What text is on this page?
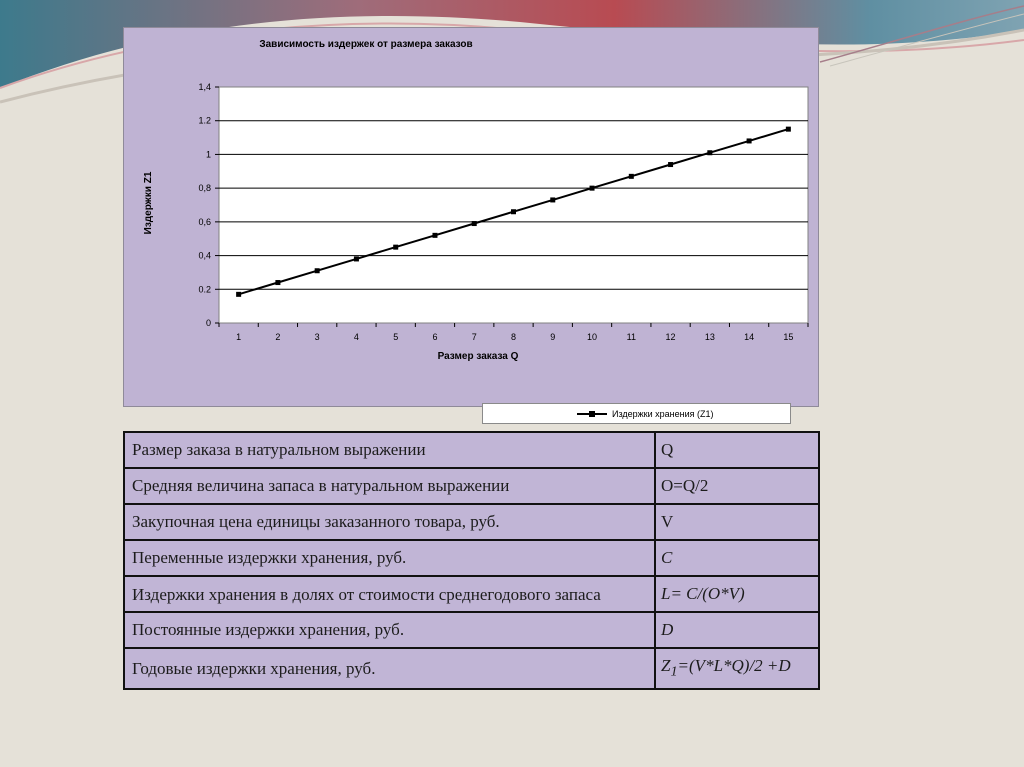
Зависимость издержек от размера заказов
0
0.2
0,4
0,6
0,8
1
1.2
1,4
1	2	3	4	5	6	7	8	9	10	11	12	13	14	15
Размер заказа Q
Издержки Z1
Издержки хранения (Z1)
Размер заказа в натуральном выражении	Q
Средняя величина запаса в натуральном выражении	O=Q/2
Закупочная цена единицы заказанного товара, руб.	V
Переменные издержки хранения, руб.	C
Издержки хранения в долях от стоимости среднегодового запаса	L= C/(O*V)
Постоянные издержки хранения, руб.	D
Годовые издержки хранения, руб.	$Z_1=(V*L*Q)/2 +D$
